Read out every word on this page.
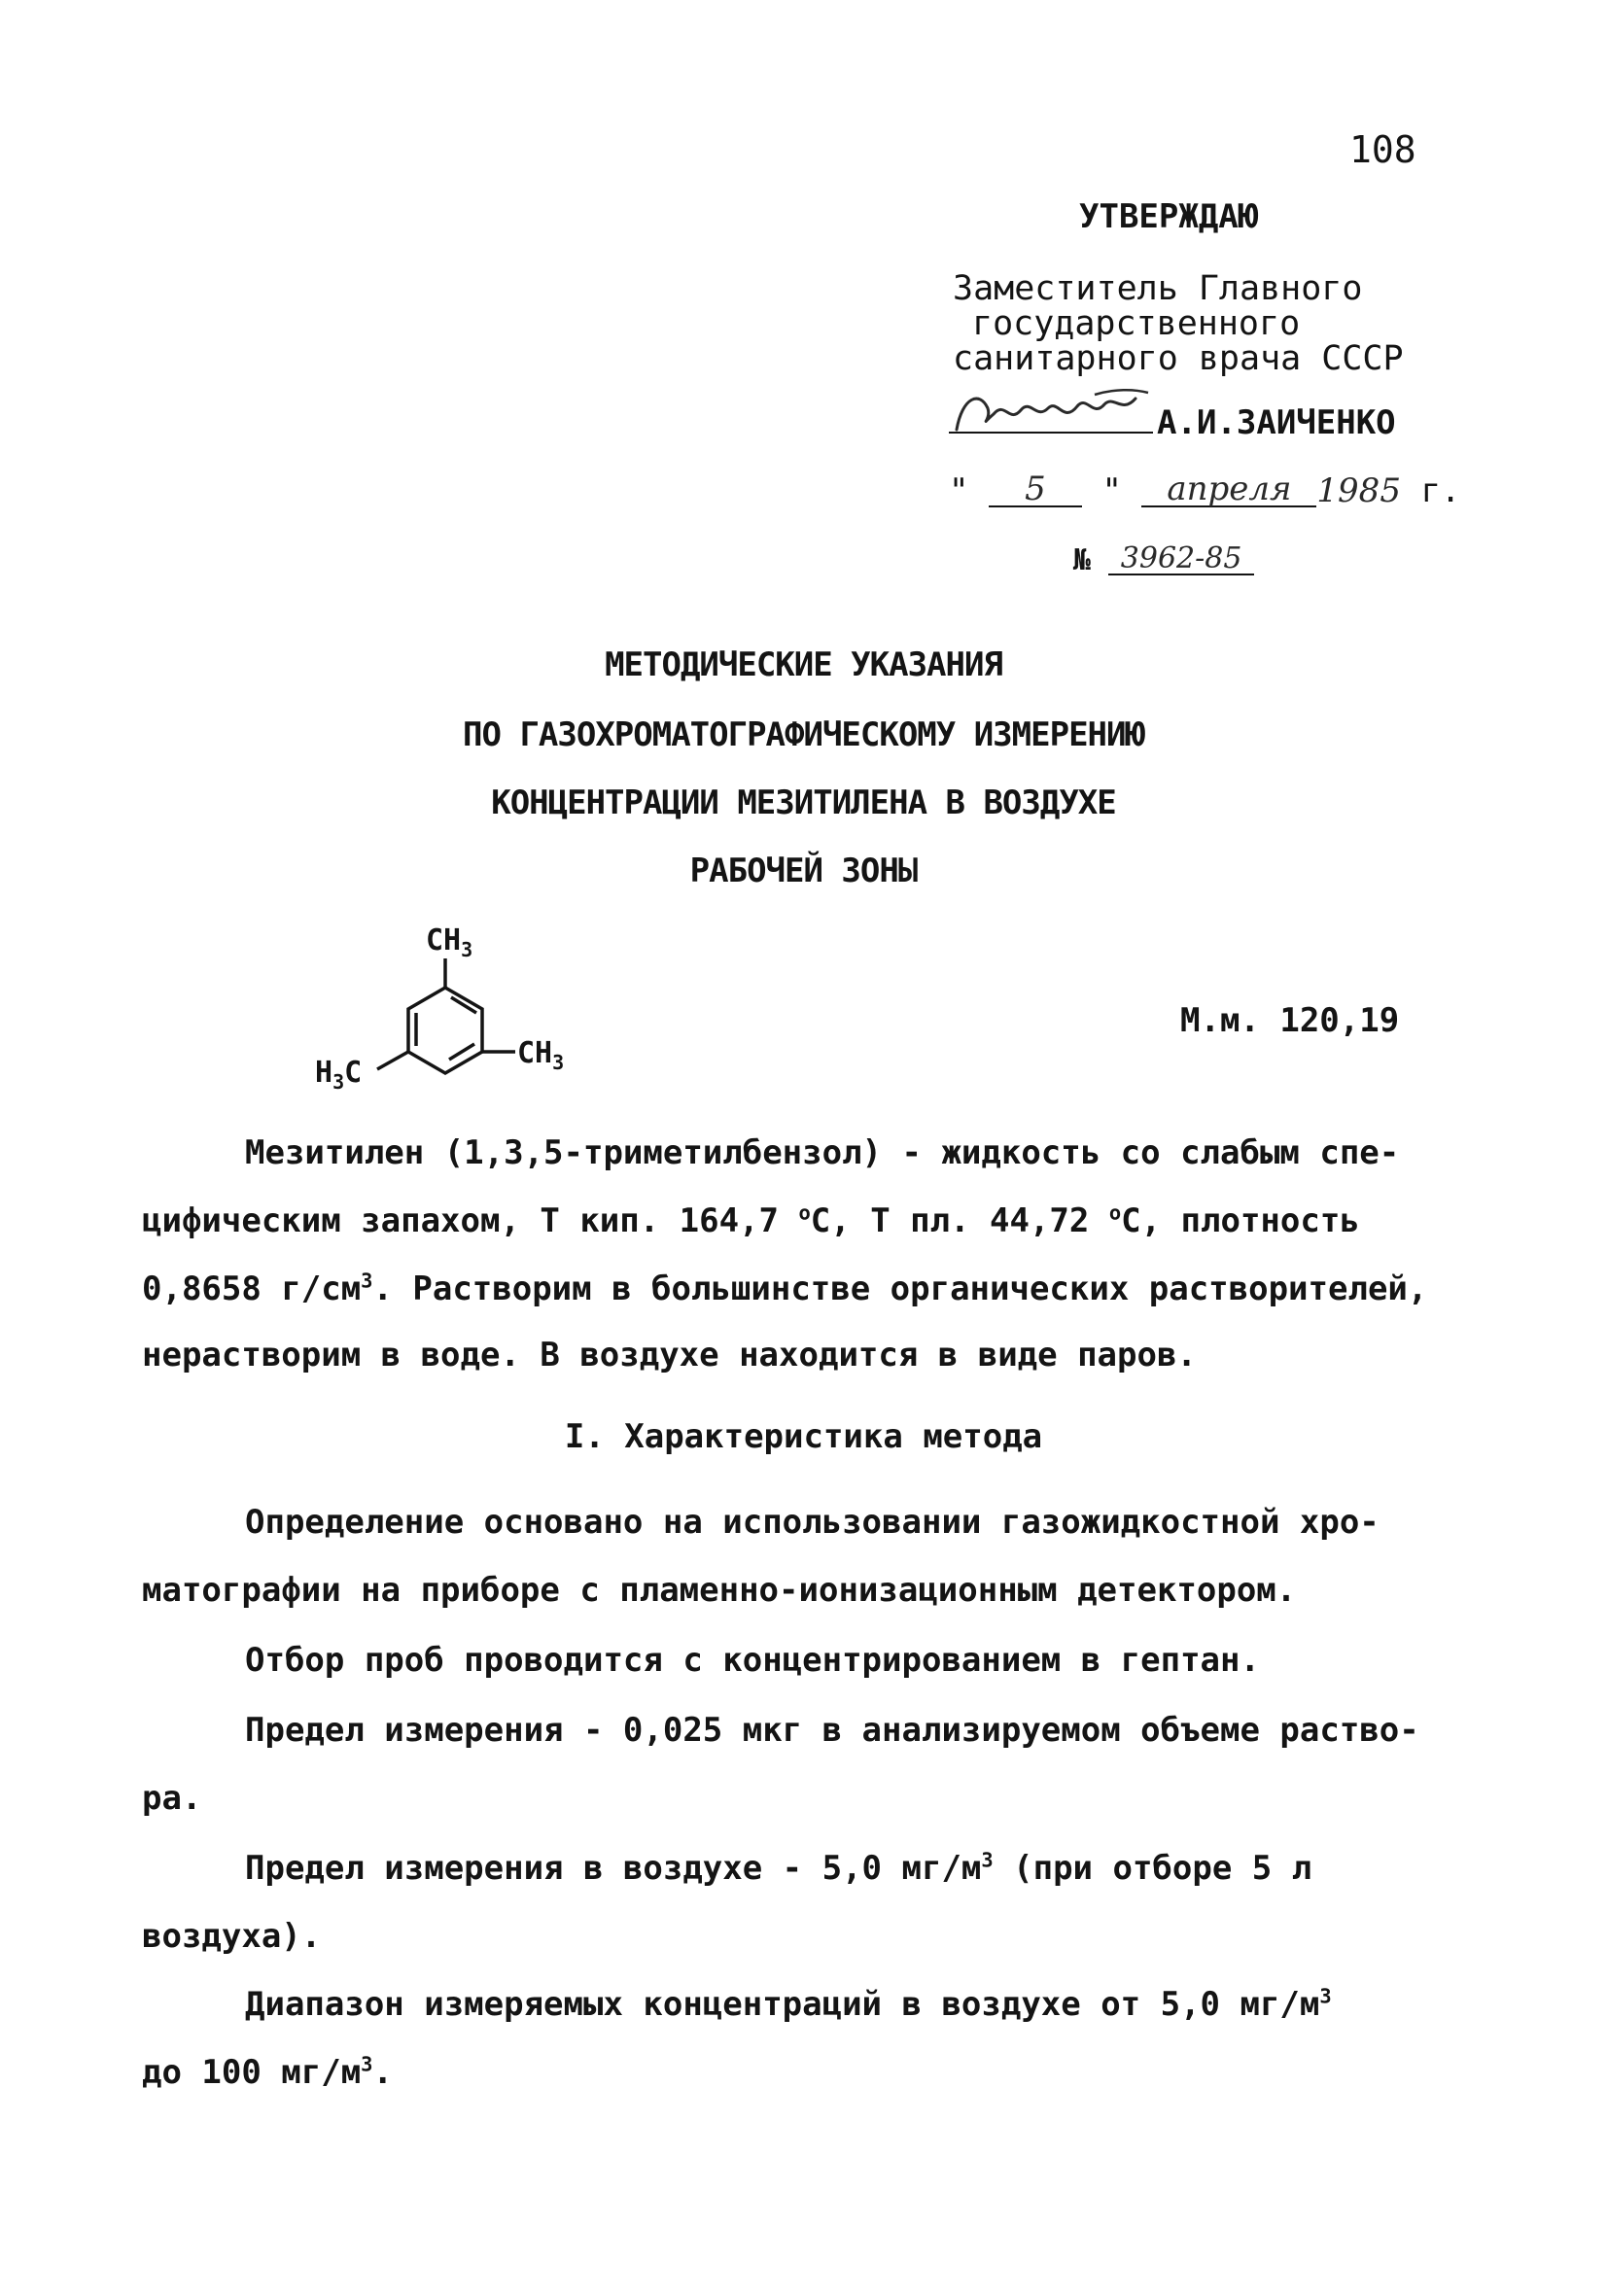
108
УТВЕРЖДАЮ
Заместитель Главного
государственного
санитарного врача СССР
А.И.ЗАИЧЕНКО
" 5 " апреля 1985 г.
№ 3962-85
МЕТОДИЧЕСКИЕ УКАЗАНИЯ
ПО ГАЗОХРОМАТОГРАФИЧЕСКОМУ ИЗМЕРЕНИЮ
КОНЦЕНТРАЦИИ МЕЗИТИЛЕНА В ВОЗДУХЕ
РАБОЧЕЙ ЗОНЫ
$CH_3$
$H_3C$
$CH_3$
М.м. 120,19
Мезитилен (1,3,5-триметилбензол) - жидкость со слабым спе-
цифическим запахом, Т кип. 164,7 $^о$С, Т пл. 44,72 $^о$С, плотность
0,8658 $г/см^3$. Растворим в большинстве органических растворителей,
нерастворим в воде. В воздухе находится в виде паров.
I. Характеристика метода
Определение основано на использовании газожидкостной хро-
матографии на приборе с пламенно-ионизационным детектором.
Отбор проб проводится с концентрированием в гептан.
Предел измерения - 0,025 мкг в анализируемом объеме раство-
ра.
Предел измерения в воздухе - 5,0 $мг/м^3$ (при отборе 5 л
воздуха).
Диапазон измеряемых концентраций в воздухе от 5,0 $мг/м^3$
до 100 $мг/м^3$.
